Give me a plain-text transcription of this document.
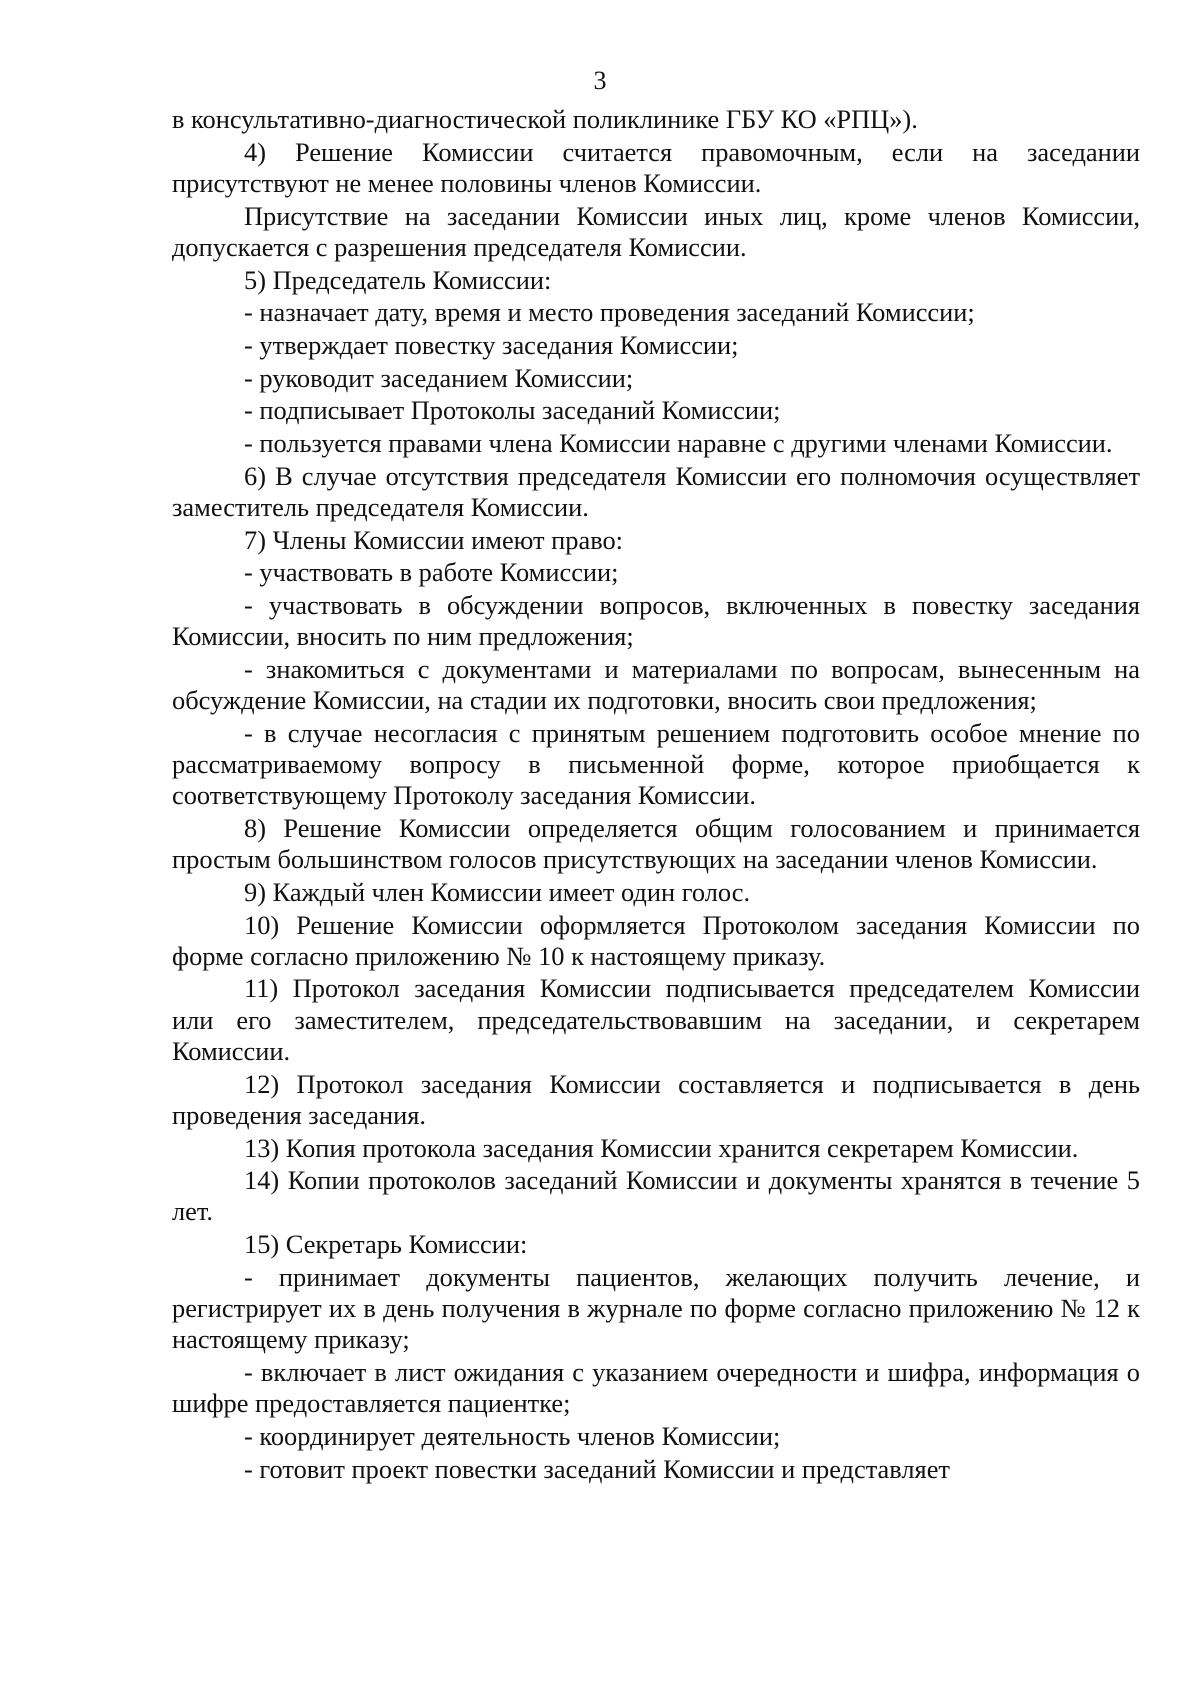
3

в консультативно-диагностической поликлинике ГБУ КО «РПЦ»).

4) Решение Комиссии считается правомочным, если на заседании присутствуют не менее половины членов Комиссии.

Присутствие на заседании Комиссии иных лиц, кроме членов Комиссии, допускается с разрешения председателя Комиссии.

5) Председатель Комиссии:

- назначает дату, время и место проведения заседаний Комиссии;

- утверждает повестку заседания Комиссии;

- руководит заседанием Комиссии;

- подписывает Протоколы заседаний Комиссии;

- пользуется правами члена Комиссии наравне с другими членами Комиссии.

6) В случае отсутствия председателя Комиссии его полномочия осуществляет заместитель председателя Комиссии.

7) Члены Комиссии имеют право:

- участвовать в работе Комиссии;

- участвовать в обсуждении вопросов, включенных в повестку заседания Комиссии, вносить по ним предложения;

- знакомиться с документами и материалами по вопросам, вынесенным на обсуждение Комиссии, на стадии их подготовки, вносить свои предложения;

- в случае несогласия с принятым решением подготовить особое мнение по рассматриваемому вопросу в письменной форме, которое приобщается к соответствующему Протоколу заседания Комиссии.

8) Решение Комиссии определяется общим голосованием и принимается простым большинством голосов присутствующих на заседании членов Комиссии.

9) Каждый член Комиссии имеет один голос.

10) Решение Комиссии оформляется Протоколом заседания Комиссии по форме согласно приложению № 10 к настоящему приказу.

11) Протокол заседания Комиссии подписывается председателем Комиссии или его заместителем, председательствовавшим на заседании, и секретарем Комиссии.

12) Протокол заседания Комиссии составляется и подписывается в день проведения заседания.

13) Копия протокола заседания Комиссии хранится секретарем Комиссии.

14) Копии протоколов заседаний Комиссии и документы хранятся в течение 5 лет.

15) Секретарь Комиссии:

- принимает документы пациентов, желающих получить лечение, и регистрирует их в день получения в журнале по форме согласно приложению № 12 к настоящему приказу;

- включает в лист ожидания с указанием очередности и шифра, информация о шифре предоставляется пациентке;

- координирует деятельность членов Комиссии;

- готовит проект повестки заседаний Комиссии и представляет
